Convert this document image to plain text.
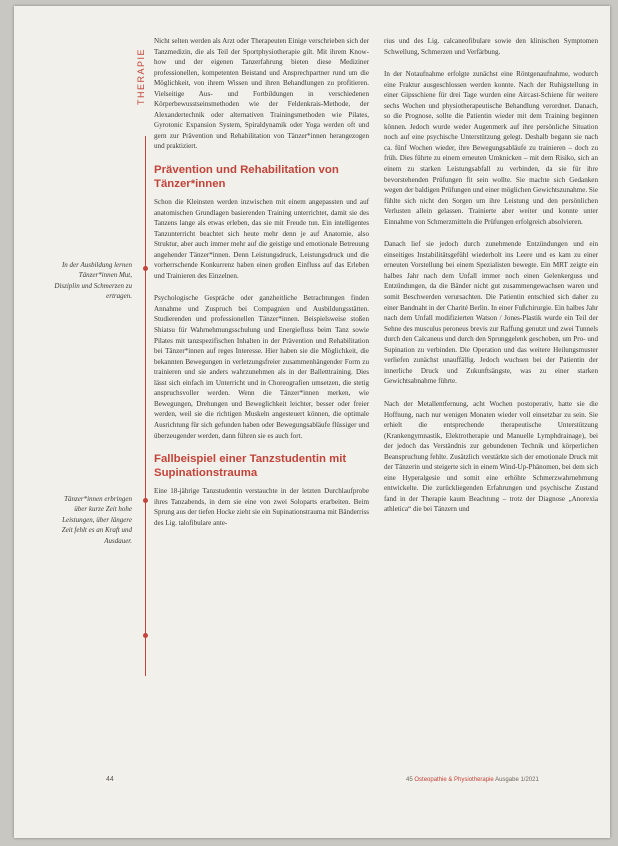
THERAPIE
In der Ausbildung lernen Tänzer*innen Mut, Disziplin und Schmerzen zu ertragen.
Tänzer*innen erbringen über kurze Zeit hohe Leistungen, über längere Zeit fehlt es an Kraft und Ausdauer.

Nicht selten werden als Arzt oder Therapeuten Einige verschrieben sich der Tanzmedizin, die als Teil der Sportphysiotherapie gilt. Mit ihrem Know-how und der eigenen Tanzerfahrung bieten diese Mediziner professionellen, kompetenten Beistand und Ansprechpartner rund um die Möglichkeit, von ihrem Wissen und ihren Behandlungen zu profitieren. Vielseitige Aus- und Fortbildungen in verschiedenen Körperbewusstseinsmethoden wie der Feldenkrais-Methode, der Alexandertechnik oder alternativen Trainingsmethoden wie Pilates, Gyrotonic Expansion System, Spiraldynamik oder Yoga werden oft und gern zur Prävention und Rehabilitation von Tänzer*innen herangezogen und praktiziert.

Prävention und Rehabilitation von Tänzer*innen

Schon die Kleinsten werden inzwischen mit einem angepassten und auf anatomischen Grundlagen basierenden Training unterrichtet, damit sie des Tanzens lange als etwas erleben, das sie mit Freude tun. Ein intelligentes Tanzunterricht beachtet sich heute mehr denn je auf Anatomie, also Struktur, aber auch immer mehr auf die geistige und emotionale Betreuung angehender Tänzer*innen. Denn Leistungsdruck, Leistungsdruck und die vorherrschende Konkurrenz haben einen großen Einfluss auf das Erleben und Trainieren des Einzelnen.

Psychologische Gespräche oder ganzheitliche Betrachtungen finden Annahme und Zuspruch bei Compagnien und Ausbildungsstätten. Studierenden und professionellen Tänzer*innen. Beispielsweise stoßen Shiatsu für Wahrnehmungsschulung und Energiefluss beim Tanz sowie Pilates mit tanzspezifischen Inhalten in der Prävention und Rehabilitation bei Tänzer*innen auf reges Interesse. Hier haben sie die Möglichkeit, die bekannten Bewegungen in verletzungsfreier zusammenhängender Form zu trainieren und sie anders wahrzunehmen als in der Balletttraining. Dies lässt sich einfach im Unterricht und in Choreografien umsetzen, die stetig anspruchsvoller werden. Wenn die Tänzer*innen merken, wie Bewegungen, Drehungen und Beweglichkeit leichter, besser oder freier werden, weil sie die richtigen Muskeln angesteuert können, die optimale Ausrichtung für sich gefunden haben oder Bewegungsabläufe flüssiger und überzeugender werden, dann führen sie es auch fort.

Fallbeispiel einer Tanzstudentin mit Supinationstrauma

Eine 18-jährige Tanzstudentin verstauchte in der letzten Durchlaufprobe ihres Tanzabends, in dem sie eine von zwei Soloparts erarbeiten. Beim Sprung aus der tiefen Hocke zieht sie ein Supinationstrauma mit Bänderriss des Lig. talofibulare ante-

rius und des Lig. calcaneofibulare sowie den klinischen Symptomen Schwellung, Schmerzen und Verfärbung.

In der Notaufnahme erfolgte zunächst eine Röntgenaufnahme, wodurch eine Fraktur ausgeschlossen werden konnte. Nach der Ruhigstellung in einer Gipsschiene für drei Tage wurden eine Aircast-Schiene für weitere sechs Wochen und physiotherapeutische Behandlung verordnet. Danach, so die Prognose, sollte die Patientin wieder mit dem Training beginnen können. Jedoch wurde weder Augenmerk auf ihre persönliche Situation noch auf eine psychische Unterstützung gelegt. Deshalb begann sie nach ca. fünf Wochen wieder, ihre Bewegungsabläufe zu trainieren – doch zu früh. Dies führte zu einem erneuten Umknicken – mit dem Risiko, sich an einem zu starken Leistungsabfall zu verbinden, da sie für ihre bevorstehenden Prüfungen fit sein wollte. Sie machte sich Gedanken wegen der baldigen Prüfungen und einer möglichen Gewichtszunahme. Sie fühlte sich nicht den Sorgen um ihre Leistung und den persönlichen Verlusten allein gelassen. Trainierte aber weiter und konnte unter Einnahme von Schmerzmitteln die Prüfungen erfolgreich absolvieren.

Danach lief sie jedoch durch zunehmende Entzündungen und ein einseitiges Instabilitätsgefühl wiederholt ins Leere und es kam zu einer erneuten Vorstellung bei einem Spezialisten bewegte. Ein MRT zeigte ein halbes Jahr nach dem Unfall immer noch einen Gelenkerguss und Entzündungen, da die Bänder nicht gut zusammengewachsen waren und somit Beschwerden verursachten. Die Patientin entschied sich daher zu einer Bandnaht in der Charité Berlin. In einer Fußchirurgie. Ein halbes Jahr nach dem Unfall modifizierten Watson / Jones-Plastik wurde ein Teil der Sehne des musculus peroneus brevis zur Raffung genutzt und zwei Tunnels durch den Calcaneus und durch den Sprunggelenk geschoben, um Pro- und Supination zu verbinden. Die Operation und das weitere Heilungsmuster verliefen zunächst unauffällig. Jedoch wuchsen bei der Patientin der innerliche Druck und Zukunftsängste, was zu einer starken Gewichtsabnahme führte.

Nach der Metallentfernung, acht Wochen postoperativ, hatte sie die Hoffnung, nach nur wenigen Monaten wieder voll einsetzbar zu sein. Sie erhielt die entsprechende therapeutische Unterstützung (Krankengymnastik, Elektrotherapie und Manuelle Lymphdrainage), bei der jedoch das Verständnis zur gebundenen Technik und körperlichen Beanspruchung fehlte. Zusätzlich verstärkte sich der emotionale Druck mit der Tänzerin und steigerte sich in einem Wind-Up-Phänomen, bei dem sich eine Hyperalgesie und somit eine erhöhte Schmerzwahrnehmung entwickelte. Die zurückliegenden Erfahrungen und psychische Zustand fand in der Therapie kaum Beachtung – trotz der Diagnose „Anorexia athletica“ die bei Tänzern und

44	45 Osteopathie & Physiotherapie Ausgabe 1/2021
